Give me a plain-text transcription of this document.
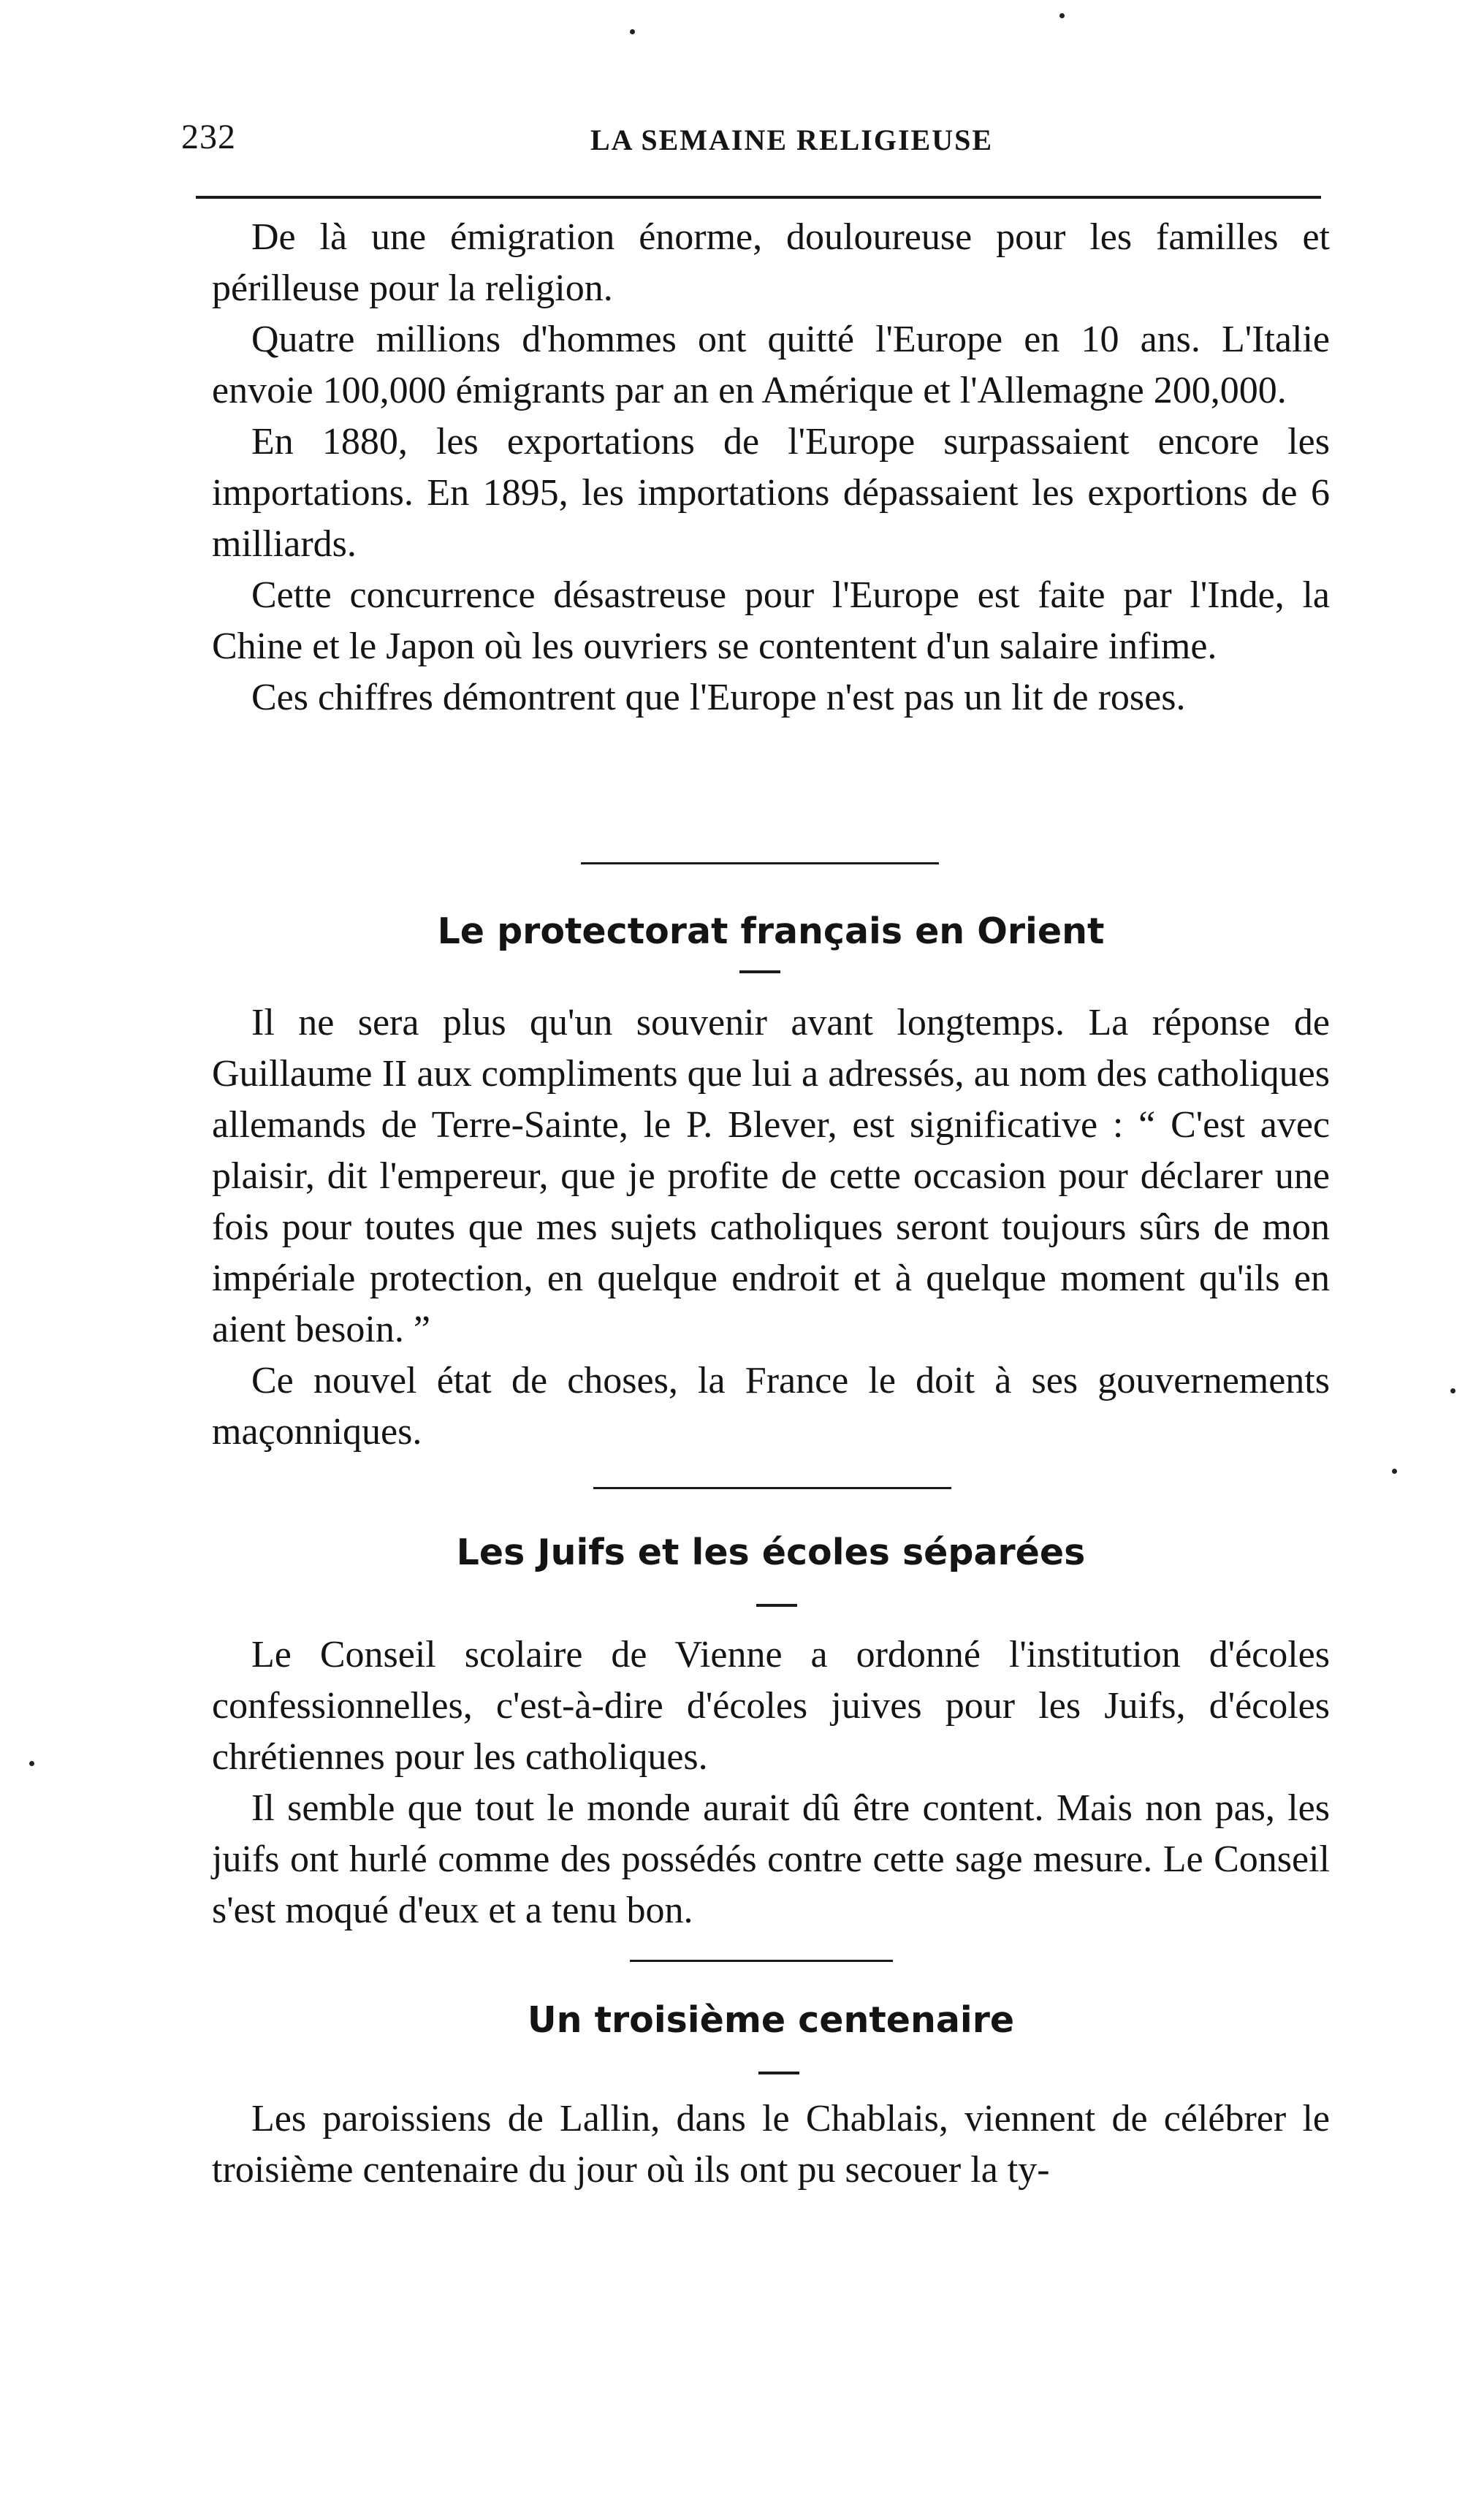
232	LA SEMAINE RELIGIEUSE

De là une émigration énorme, douloureuse pour les familles et périlleuse pour la religion.

Quatre millions d'hommes ont quitté l'Europe en 10 ans. L'Italie envoie 100,000 émigrants par an en Amérique et l'Allemagne 200,000.

En 1880, les exportations de l'Europe surpassaient encore les importations. En 1895, les importations dépassaient les exportions de 6 milliards.

Cette concurrence désastreuse pour l'Europe est faite par l'Inde, la Chine et le Japon où les ouvriers se contentent d'un salaire infime.

Ces chiffres démontrent que l'Europe n'est pas un lit de roses.

Le protectorat français en Orient

Il ne sera plus qu'un souvenir avant longtemps. La réponse de Guillaume II aux compliments que lui a adressés, au nom des catholiques allemands de Terre-Sainte, le P. Blever, est significative : “ C'est avec plaisir, dit l'empereur, que je profite de cette occasion pour déclarer une fois pour toutes que mes sujets catholiques seront toujours sûrs de mon impériale protection, en quelque endroit et à quelque moment qu'ils en aient besoin. ”

Ce nouvel état de choses, la France le doit à ses gouvernements maçonniques.

Les Juifs et les écoles séparées

Le Conseil scolaire de Vienne a ordonné l'institution d'écoles confessionnelles, c'est-à-dire d'écoles juives pour les Juifs, d'écoles chrétiennes pour les catholiques.

Il semble que tout le monde aurait dû être content. Mais non pas, les juifs ont hurlé comme des possédés contre cette sage mesure. Le Conseil s'est moqué d'eux et a tenu bon.

Un troisième centenaire

Les paroissiens de Lallin, dans le Chablais, viennent de célébrer le troisième centenaire du jour où ils ont pu secouer la ty-
